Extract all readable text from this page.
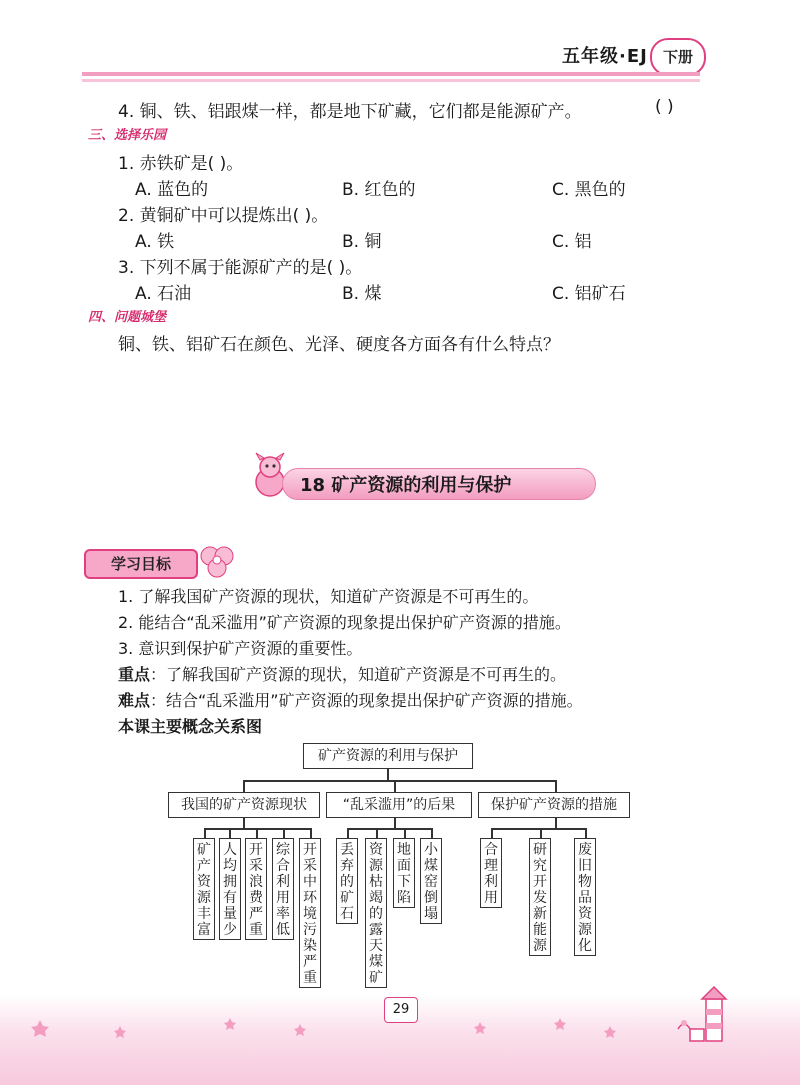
五年级·EJ	下册
4. 铜、铁、铝跟煤一样，都是地下矿藏，它们都是能源矿产。	( )
三、选择乐园
1. 赤铁矿是( )。
A. 蓝色的	B. 红色的	C. 黑色的
2. 黄铜矿中可以提炼出( )。
A. 铁	B. 铜	C. 铝
3. 下列不属于能源矿产的是( )。
A. 石油	B. 煤	C. 铝矿石
四、问题城堡
铜、铁、铝矿石在颜色、光泽、硬度各方面各有什么特点？
18 矿产资源的利用与保护
学习目标
1. 了解我国矿产资源的现状，知道矿产资源是不可再生的。
2. 能结合“乱采滥用”矿产资源的现象提出保护矿产资源的措施。
3. 意识到保护矿产资源的重要性。
重点：了解我国矿产资源的现状，知道矿产资源是不可再生的。
难点：结合“乱采滥用”矿产资源的现象提出保护矿产资源的措施。
本课主要概念关系图
矿产资源的利用与保护
我国的矿产资源现状	“乱采滥用”的后果	保护矿产资源的措施
矿
产
资
源
丰
富
人
均
拥
有
量
少
开
采
浪
费
严
重
综
合
利
用
率
低
开
采
中
环
境
污
染
严
重
丢
弃
的
矿
石
资
源
枯
竭
的
露
天
煤
矿
地
面
下
陷
小
煤
窑
倒
塌
合
理
利
用
研
究
开
发
新
能
源
废
旧
物
品
资
源
化
29
